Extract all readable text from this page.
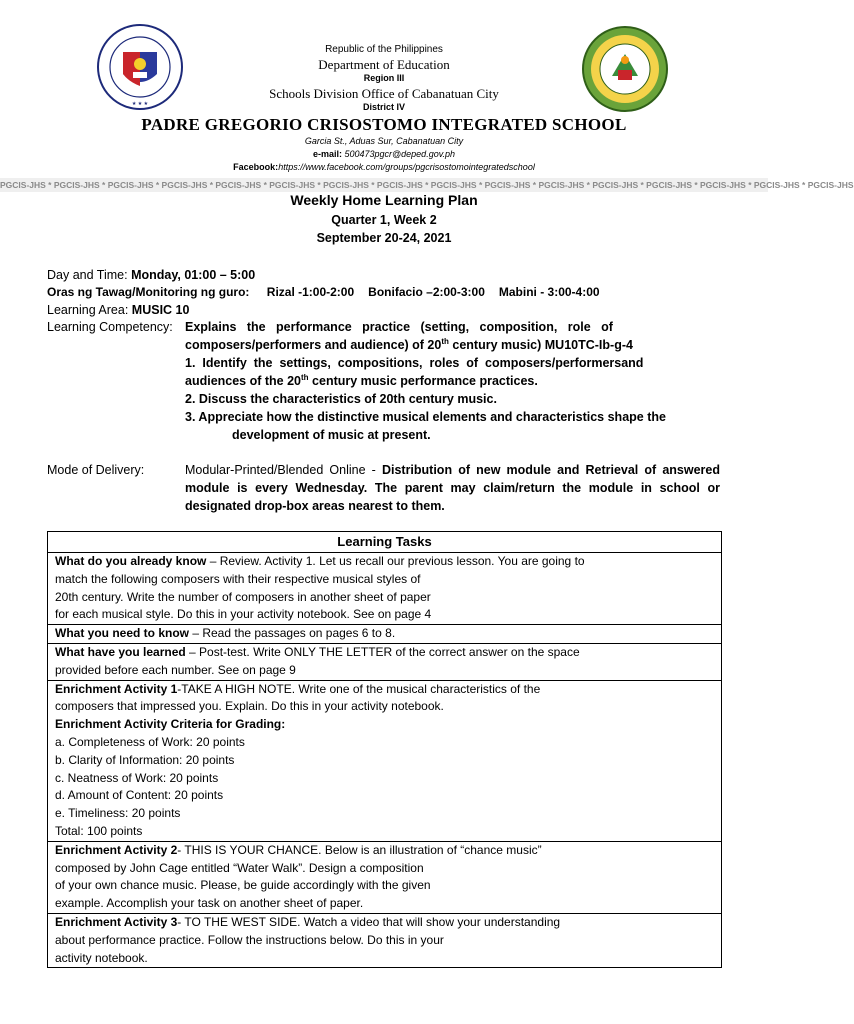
★ ★ ★
Republic of the Philippines
Department of Education
Region III
Schools Division Office of Cabanatuan City
District IV
PADRE GREGORIO CRISOSTOMO INTEGRATED SCHOOL
Garcia St., Aduas Sur, Cabanatuan City
e-mail: 500473pgcr@deped.gov.ph
Facebook:https://www.facebook.com/groups/pgcrisostomointegratedschool
PGCIS-JHS * PGCIS-JHS * PGCIS-JHS * PGCIS-JHS * PGCIS-JHS * PGCIS-JHS * PGCIS-JHS * PGCIS-JHS * PGCIS-JHS * PGCIS-JHS * PGCIS-JHS * PGCIS-JHS * PGCIS-JHS * PGCIS-JHS * PGCIS-JHS * PGCIS-JHS
Weekly Home Learning Plan
Quarter 1, Week 2
September 20-24, 2021
Day and Time: Monday, 01:00 – 5:00
Oras ng Tawag/Monitoring ng guro: Rizal -1:00-2:00 Bonifacio –2:00-3:00 Mabini - 3:00-4:00
Learning Area: MUSIC 10
Learning Competency: Explains   the   performance   practice   (setting,   composition,   role   of

composers/performers and audience) of 20th century music) MU10TC-Ib-g-4

1.  Identify  the  settings,  compositions,  roles  of  composers/performersand

audiences of the 20th century music performance practices.

2. Discuss the characteristics of 20th century music.

3. Appreciate how the distinctive musical elements and characteristics shape the

development of music at present.

Mode of Delivery:	Modular-Printed/Blended Online - Distribution of new module and Retrieval of answered module is every Wednesday. The parent may claim/return the module in school or designated drop-box areas nearest to them.
Learning Tasks

What do you already know – Review. Activity 1. Let us recall our previous lesson. You are going to

match the following composers with their respective musical styles of

20th century. Write the number of composers in another sheet of paper

for each musical style. Do this in your activity notebook. See on page 4

What you need to know – Read the passages on pages 6 to 8.

What have you learned – Post-test. Write ONLY THE LETTER of the correct answer on the space

provided before each number. See on page 9

Enrichment Activity 1-TAKE A HIGH NOTE. Write one of the musical characteristics of the

composers that impressed you. Explain. Do this in your activity notebook.

Enrichment Activity Criteria for Grading:

a. Completeness of Work: 20 points

b. Clarity of Information: 20 points

c. Neatness of Work: 20 points

d. Amount of Content: 20 points

e. Timeliness: 20 points

Total: 100 points

Enrichment Activity 2- THIS IS YOUR CHANCE. Below is an illustration of “chance music”

composed by John Cage entitled “Water Walk”. Design a composition

of your own chance music. Please, be guide accordingly with the given

example. Accomplish your task on another sheet of paper.

Enrichment Activity 3- TO THE WEST SIDE. Watch a video that will show your understanding

about performance practice. Follow the instructions below. Do this in your

activity notebook.
